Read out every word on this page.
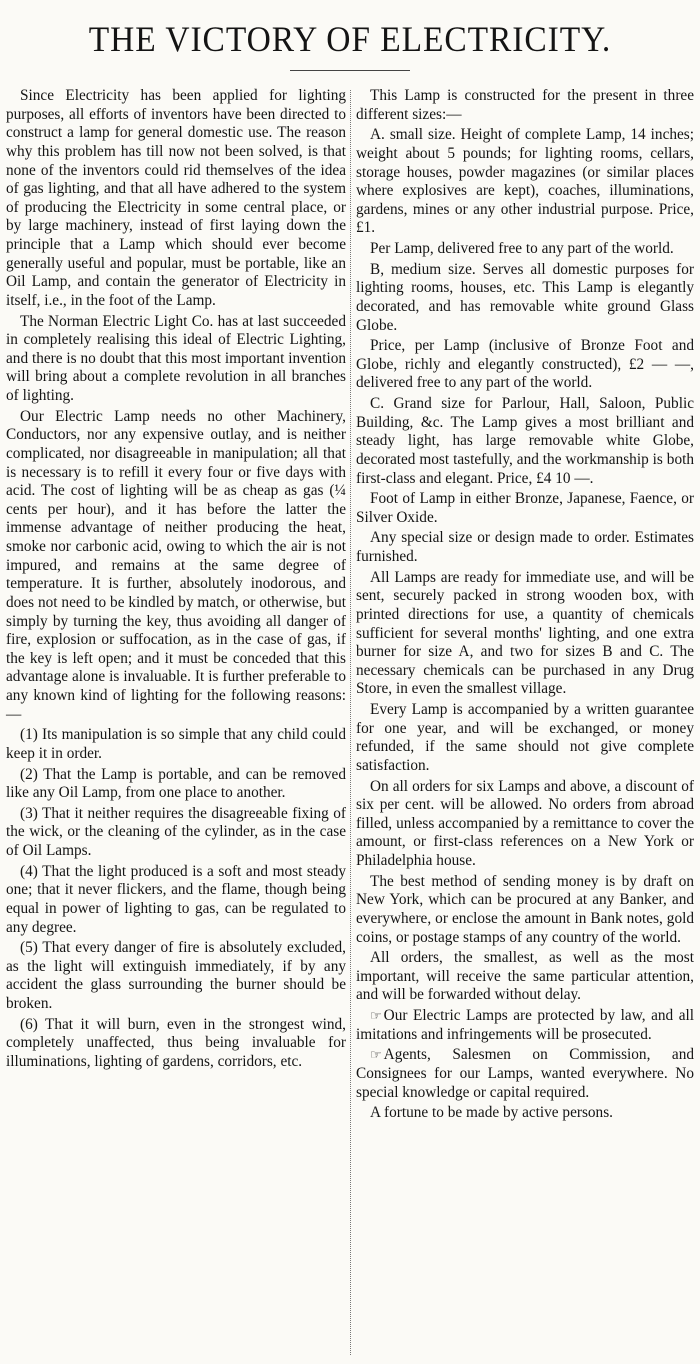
THE VICTORY OF ELECTRICITY.

Since Electricity has been applied for lighting purposes, all efforts of inventors have been directed to construct a lamp for general domestic use. The reason why this problem has till now not been solved, is that none of the inventors could rid themselves of the idea of gas lighting, and that all have adhered to the system of producing the Electricity in some central place, or by large machinery, instead of first laying down the principle that a Lamp which should ever become generally useful and popular, must be portable, like an Oil Lamp, and contain the generator of Electricity in itself, i.e., in the foot of the Lamp.

The Norman Electric Light Co. has at last succeeded in completely realising this ideal of Electric Lighting, and there is no doubt that this most important invention will bring about a complete revolution in all branches of lighting.

Our Electric Lamp needs no other Machinery, Conductors, nor any expensive outlay, and is neither complicated, nor disagreeable in manipulation; all that is necessary is to refill it every four or five days with acid. The cost of lighting will be as cheap as gas (¼ cents per hour), and it has before the latter the immense advantage of neither producing the heat, smoke nor carbonic acid, owing to which the air is not impured, and remains at the same degree of temperature. It is further, absolutely inodorous, and does not need to be kindled by match, or otherwise, but simply by turning the key, thus avoiding all danger of fire, explosion or suffocation, as in the case of gas, if the key is left open; and it must be conceded that this advantage alone is invaluable. It is further preferable to any known kind of lighting for the following reasons:—

(1) Its manipulation is so simple that any child could keep it in order.

(2) That the Lamp is portable, and can be removed like any Oil Lamp, from one place to another.

(3) That it neither requires the disagreeable fixing of the wick, or the cleaning of the cylinder, as in the case of Oil Lamps.

(4) That the light produced is a soft and most steady one; that it never flickers, and the flame, though being equal in power of lighting to gas, can be regulated to any degree.

(5) That every danger of fire is absolutely excluded, as the light will extinguish immediately, if by any accident the glass surrounding the burner should be broken.

(6) That it will burn, even in the strongest wind, completely unaffected, thus being invaluable for illuminations, lighting of gardens, corridors, etc.

This Lamp is constructed for the present in three different sizes:—

A. small size. Height of complete Lamp, 14 inches; weight about 5 pounds; for lighting rooms, cellars, storage houses, powder magazines (or similar places where explosives are kept), coaches, illuminations, gardens, mines or any other industrial purpose. Price, £1.

Per Lamp, delivered free to any part of the world.

B, medium size. Serves all domestic purposes for lighting rooms, houses, etc. This Lamp is elegantly decorated, and has removable white ground Glass Globe.

Price, per Lamp (inclusive of Bronze Foot and Globe, richly and elegantly constructed), £2 — —, delivered free to any part of the world.

C. Grand size for Parlour, Hall, Saloon, Public Building, &c. The Lamp gives a most brilliant and steady light, has large removable white Globe, decorated most tastefully, and the workmanship is both first-class and elegant. Price, £4 10 —.

Foot of Lamp in either Bronze, Japanese, Faence, or Silver Oxide.

Any special size or design made to order. Estimates furnished.

All Lamps are ready for immediate use, and will be sent, securely packed in strong wooden box, with printed directions for use, a quantity of chemicals sufficient for several months' lighting, and one extra burner for size A, and two for sizes B and C. The necessary chemicals can be purchased in any Drug Store, in even the smallest village.

Every Lamp is accompanied by a written guarantee for one year, and will be exchanged, or money refunded, if the same should not give complete satisfaction.

On all orders for six Lamps and above, a discount of six per cent. will be allowed. No orders from abroad filled, unless accompanied by a remittance to cover the amount, or first-class references on a New York or Philadelphia house.

The best method of sending money is by draft on New York, which can be procured at any Banker, and everywhere, or enclose the amount in Bank notes, gold coins, or postage stamps of any country of the world.

All orders, the smallest, as well as the most important, will receive the same particular attention, and will be forwarded without delay.

☞ Our Electric Lamps are protected by law, and all imitations and infringements will be prosecuted.

☞ Agents, Salesmen on Commission, and Consignees for our Lamps, wanted everywhere. No special knowledge or capital required.

A fortune to be made by active persons.
